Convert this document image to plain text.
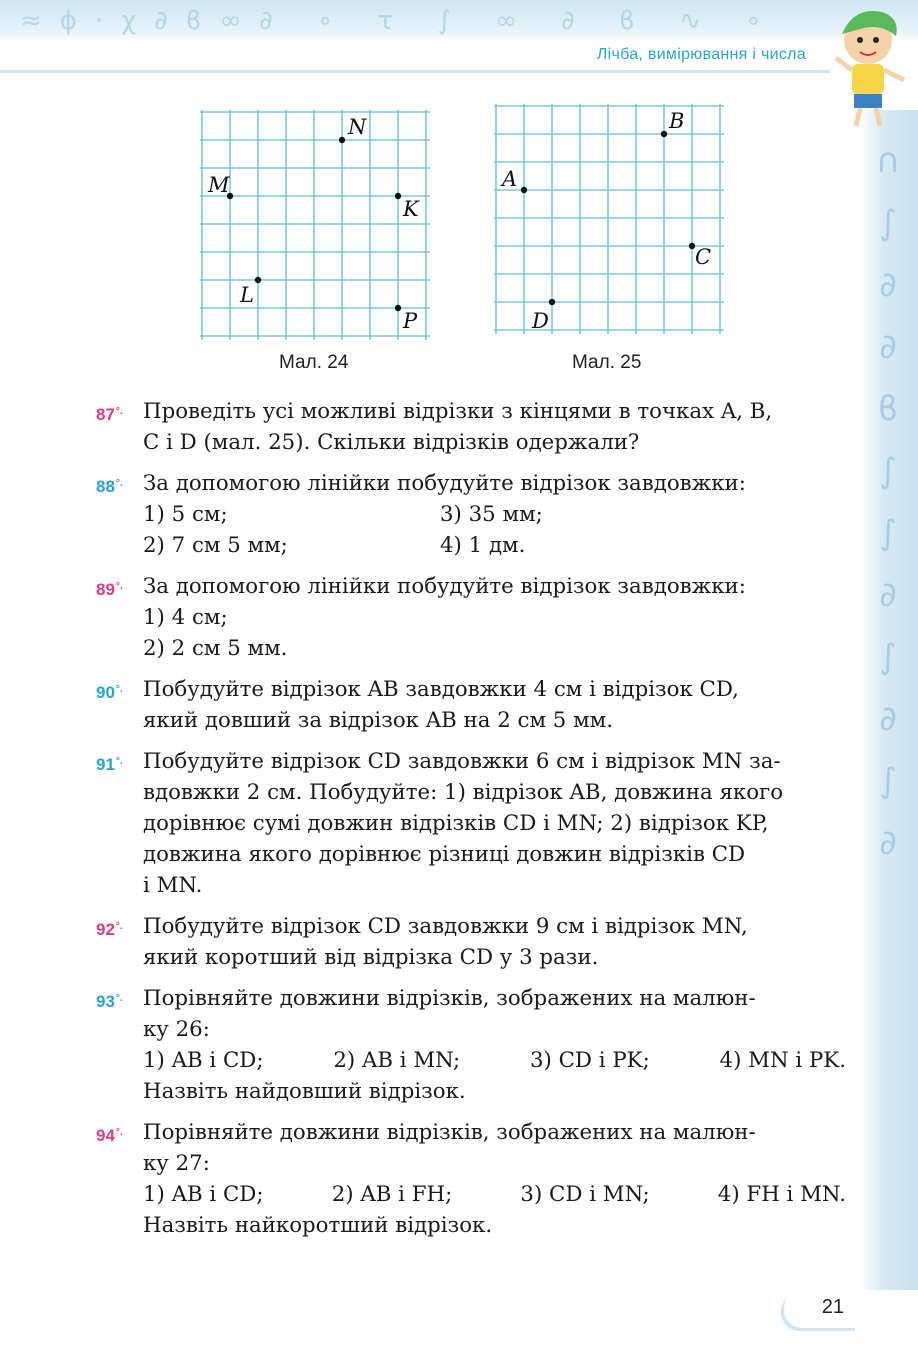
≈ϕ·χ∂ϐ∞∂ ∘ τ ∫ ∞ ∂ ϐ ∿ ∘
Лічба, вимірювання і числа
∩ ∫ ∂ ∂ ϐ ∫ ∫ ∂ ∫ ∂ ∫ ∂
N
M
K
L
P
Мал. 24
B
A
C
D
Мал. 25
87°. Проведіть усі можливі відрізки з кінцями в точках A, B,
C і D (мал. 25). Скільки відрізків одержали?
88°. За допомогою лінійки побудуйте відрізок завдовжки:
1) 5 см;	3) 35 мм;
2) 7 см 5 мм;	4) 1 дм.
89°. За допомогою лінійки побудуйте відрізок завдовжки:
1) 4 см;
2) 2 см 5 мм.
90°. Побудуйте відрізок AB завдовжки 4 см і відрізок CD,
який довший за відрізок AB на 2 см 5 мм.
91°. Побудуйте відрізок CD завдовжки 6 см і відрізок MN за-
вдовжки 2 см. Побудуйте: 1) відрізок AB, довжина якого
дорівнює сумі довжин відрізків CD і MN; 2) відрізок KP,
довжина якого дорівнює різниці довжин відрізків CD
і MN.
92°. Побудуйте відрізок CD завдовжки 9 см і відрізок MN,
який коротший від відрізка CD у 3 рази.
93°. Порівняйте довжини відрізків, зображених на малюн-
ку 26:
1) AB і CD;	2) AB і MN;	3) CD і PK;	4) MN і PK.
Назвіть найдовший відрізок.
94°. Порівняйте довжини відрізків, зображених на малюн-
ку 27:
1) AB і CD;	2) AB і FH;	3) CD і MN;	4) FH і MN.
Назвіть найкоротший відрізок.
21
